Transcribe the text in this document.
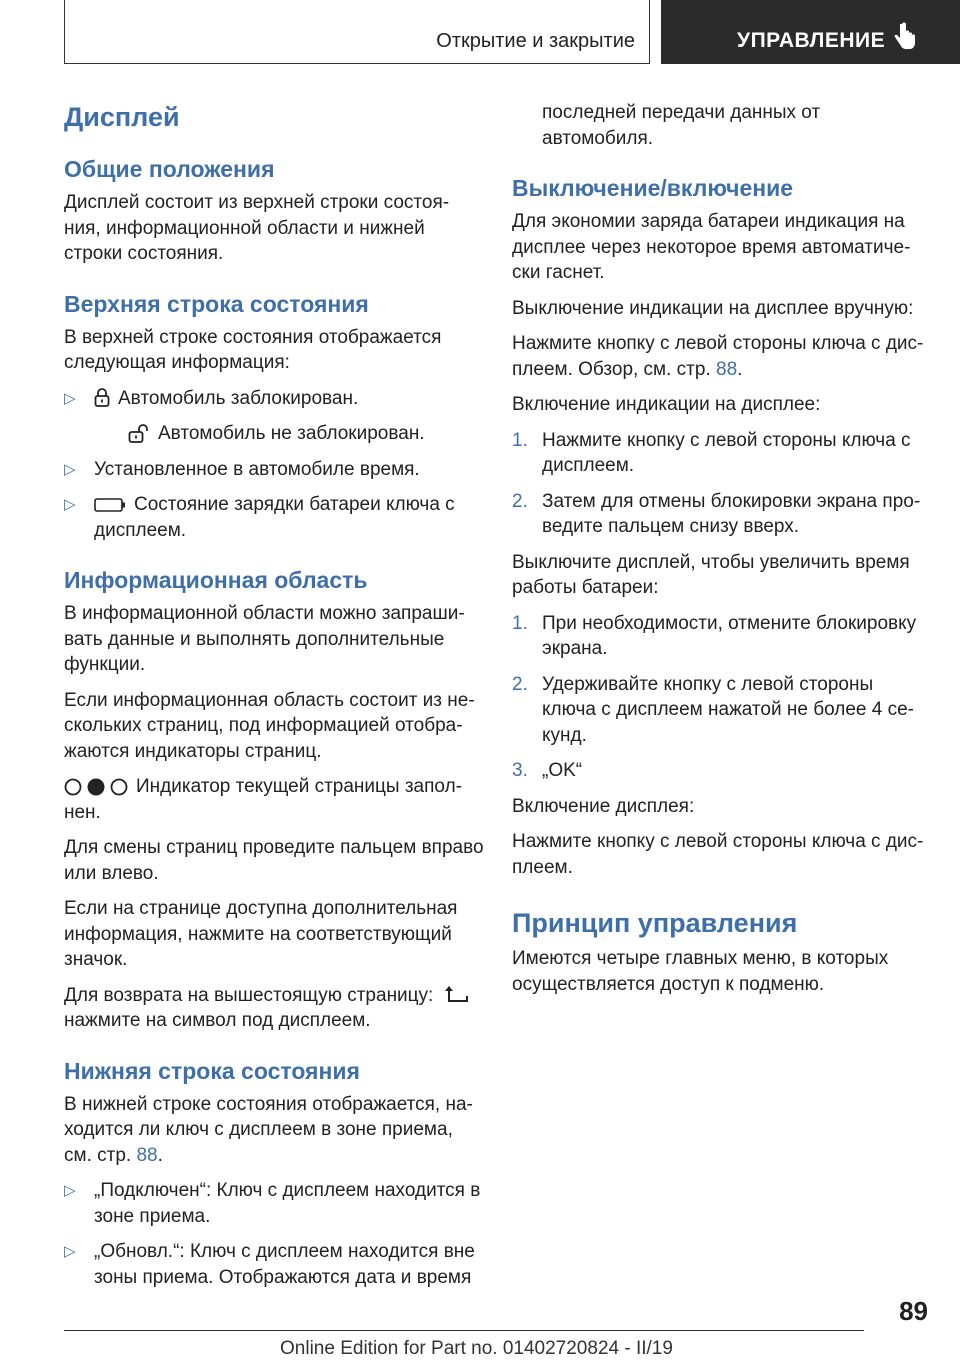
Открытие и закрытие	УПРАВЛЕНИЕ
Дисплей
Общие положения

Дисплей состоит из верхней строки состоя-ния, информационной области и нижней строки состояния.

Верхняя строка состояния

В верхней строке состояния отображается следующая информация:

▷ Автомобиль заблокирован.
Автомобиль не заблокирован.
▷ Установленное в автомобиле время.
▷	Состояние зарядки батареи ключа с дисплеем.
Информационная область

В информационной области можно запраши-вать данные и выполнять дополнительные функции.

Если информационная область состоит из не-скольких страниц, под информацией отобра-жаются индикаторы страниц.

Индикатор текущей страницы запол-нен.

Для смены страниц проведите пальцем вправо или влево.

Если на странице доступна дополнительная информация, нажмите на соответствующий значок.

Для возврата на вышестоящую страницу:

нажмите на символ под дисплеем.

Нижняя строка состояния

В нижней строке состояния отображается, на-ходится ли ключ с дисплеем в зоне приема, см. стр. 88.

▷ „Подключен“: Ключ с дисплеем находится в зоне приема.
▷ „Обновл.“: Ключ с дисплеем находится вне зоны приема. Отображаются дата и время

последней передачи данных от автомобиля.

Выключение/включение

Для экономии заряда батареи индикация на дисплее через некоторое время автоматиче-ски гаснет.

Выключение индикации на дисплее вручную:

Нажмите кнопку с левой стороны ключа с дис-плеем. Обзор, см. стр. 88.

Включение индикации на дисплее:

1. Нажмите кнопку с левой стороны ключа с дисплеем.
2. Затем для отмены блокировки экрана про-ведите пальцем снизу вверх.

Выключите дисплей, чтобы увеличить время работы батареи:

1. При необходимости, отмените блокировку экрана.
2. Удерживайте кнопку с левой стороны ключа с дисплеем нажатой не более 4 се-кунд.
3. „OK“

Включение дисплея:

Нажмите кнопку с левой стороны ключа с дис-плеем.

Принцип управления

Имеются четыре главных меню, в которых осуществляется доступ к подменю.

89
Online Edition for Part no. 01402720824 - II/19
